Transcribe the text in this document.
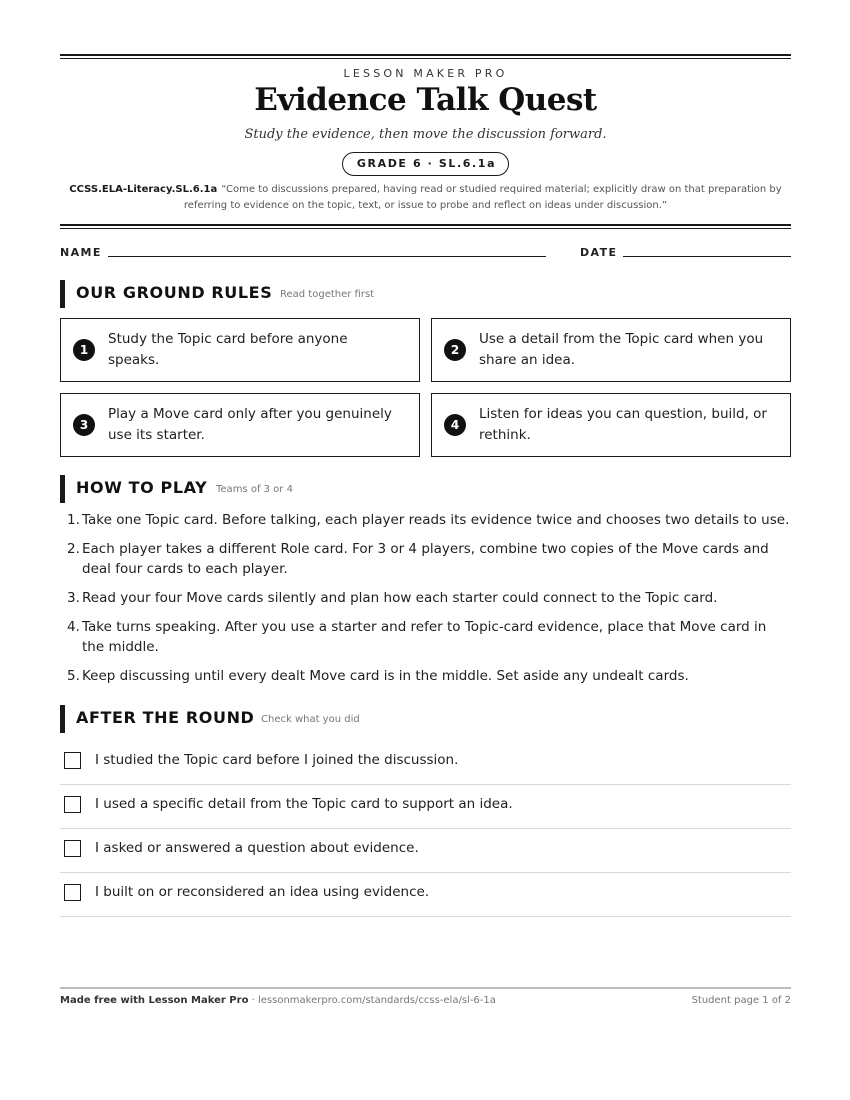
LESSON MAKER PRO
Evidence Talk Quest
Study the evidence, then move the discussion forward.
GRADE 6 · SL.6.1a
CCSS.ELA-Literacy.SL.6.1a “Come to discussions prepared, having read or studied required material; explicitly draw on that preparation by referring to evidence on the topic, text, or issue to probe and reflect on ideas under discussion.”
NAME	DATE
OUR GROUND RULES Read together first
1
Study the Topic card before anyone speaks.
2
Use a detail from the Topic card when you share an idea.
3
Play a Move card only after you genuinely use its starter.
4
Listen for ideas you can question, build, or rethink.
HOW TO PLAY Teams of 3 or 4
1. Take one Topic card. Before talking, each player reads its evidence twice and chooses two details to use.
2. Each player takes a different Role card. For 3 or 4 players, combine two copies of the Move cards and deal four cards to each player.
3. Read your four Move cards silently and plan how each starter could connect to the Topic card.
4. Take turns speaking. After you use a starter and refer to Topic-card evidence, place that Move card in the middle.
5. Keep discussing until every dealt Move card is in the middle. Set aside any undealt cards.
AFTER THE ROUND Check what you did
I studied the Topic card before I joined the discussion.
I used a specific detail from the Topic card to support an idea.
I asked or answered a question about evidence.
I built on or reconsidered an idea using evidence.
Made free with Lesson Maker Pro · lessonmakerpro.com/standards/ccss-ela/sl-6-1a	Student page 1 of 2
